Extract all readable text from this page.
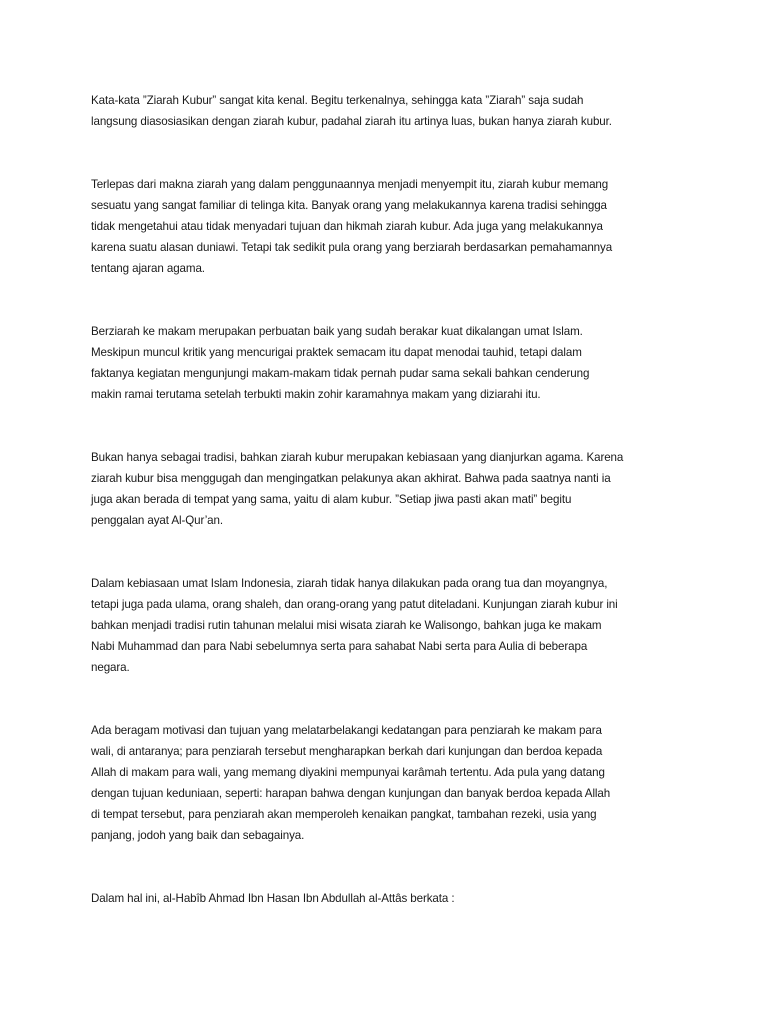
Kata-kata ”Ziarah Kubur” sangat kita kenal. Begitu terkenalnya, sehingga kata ”Ziarah” saja sudah
langsung diasosiasikan dengan ziarah kubur, padahal ziarah itu artinya luas, bukan hanya ziarah kubur.
Terlepas dari makna ziarah yang dalam penggunaannya menjadi menyempit itu, ziarah kubur memang
sesuatu yang sangat familiar di telinga kita. Banyak orang yang melakukannya karena tradisi sehingga
tidak mengetahui atau tidak menyadari tujuan dan hikmah ziarah kubur. Ada juga yang melakukannya
karena suatu alasan duniawi. Tetapi tak sedikit pula orang yang berziarah berdasarkan pemahamannya
tentang ajaran agama.
Berziarah ke makam merupakan perbuatan baik yang sudah berakar kuat dikalangan umat Islam.
Meskipun muncul kritik yang mencurigai praktek semacam itu dapat menodai tauhid, tetapi dalam
faktanya kegiatan mengunjungi makam-makam tidak pernah pudar sama sekali bahkan cenderung
makin ramai terutama setelah terbukti makin zohir karamahnya makam yang diziarahi itu.
Bukan hanya sebagai tradisi, bahkan ziarah kubur merupakan kebiasaan yang dianjurkan agama. Karena
ziarah kubur bisa menggugah dan mengingatkan pelakunya akan akhirat. Bahwa pada saatnya nanti ia
juga akan berada di tempat yang sama, yaitu di alam kubur. ”Setiap jiwa pasti akan mati” begitu
penggalan ayat Al-Qur’an.
Dalam kebiasaan umat Islam Indonesia, ziarah tidak hanya dilakukan pada orang tua dan moyangnya,
tetapi juga pada ulama, orang shaleh, dan orang-orang yang patut diteladani. Kunjungan ziarah kubur ini
bahkan menjadi tradisi rutin tahunan melalui misi wisata ziarah ke Walisongo, bahkan juga ke makam
Nabi Muhammad dan para Nabi sebelumnya serta para sahabat Nabi serta para Aulia di beberapa
negara.
Ada beragam motivasi dan tujuan yang melatarbelakangi kedatangan para penziarah ke makam para
wali, di antaranya; para penziarah tersebut mengharapkan berkah dari kunjungan dan berdoa kepada
Allah di makam para wali, yang memang diyakini mempunyai karâmah tertentu. Ada pula yang datang
dengan tujuan keduniaan, seperti: harapan bahwa dengan kunjungan dan banyak berdoa kepada Allah
di tempat tersebut, para penziarah akan memperoleh kenaikan pangkat, tambahan rezeki, usia yang
panjang, jodoh yang baik dan sebagainya.
Dalam hal ini, al-Habîb Ahmad Ibn Hasan Ibn Abdullah al-Attâs berkata :
